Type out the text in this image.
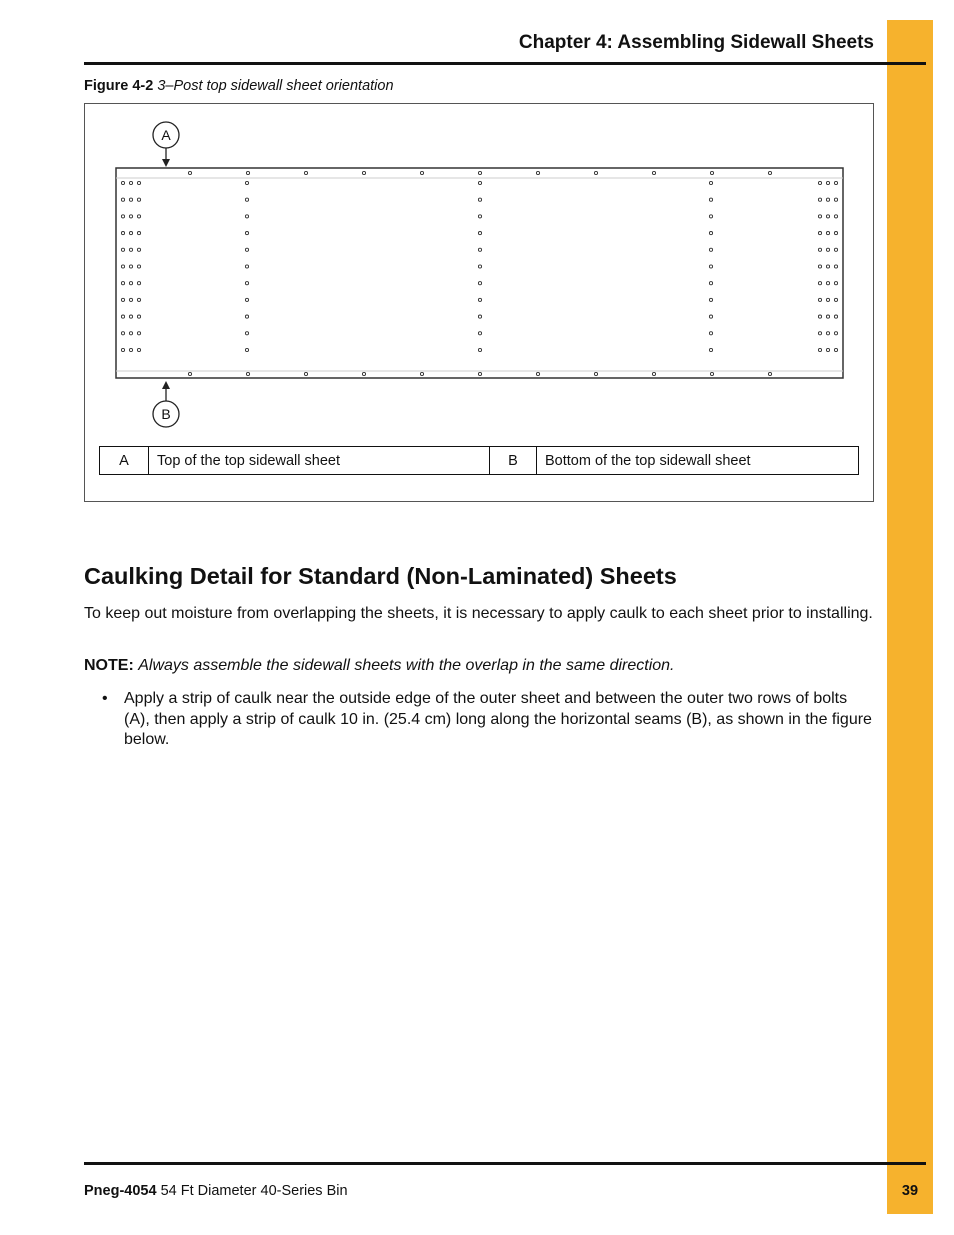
Chapter 4: Assembling Sidewall Sheets
Figure 4-2 3–Post top sidewall sheet orientation
A
B
A	Top of the top sidewall sheet	B	Bottom of the top sidewall sheet
Caulking Detail for Standard (Non-Laminated) Sheets

To keep out moisture from overlapping the sheets, it is necessary to apply caulk to each sheet prior to installing.

NOTE: Always assemble the sidewall sheets with the overlap in the same direction.

• Apply a strip of caulk near the outside edge of the outer sheet and between the outer two rows of bolts (A), then apply a strip of caulk 10 in. (25.4 cm) long along the horizontal seams (B), as shown in the figure below.
Pneg-4054 54 Ft Diameter 40-Series Bin	39
